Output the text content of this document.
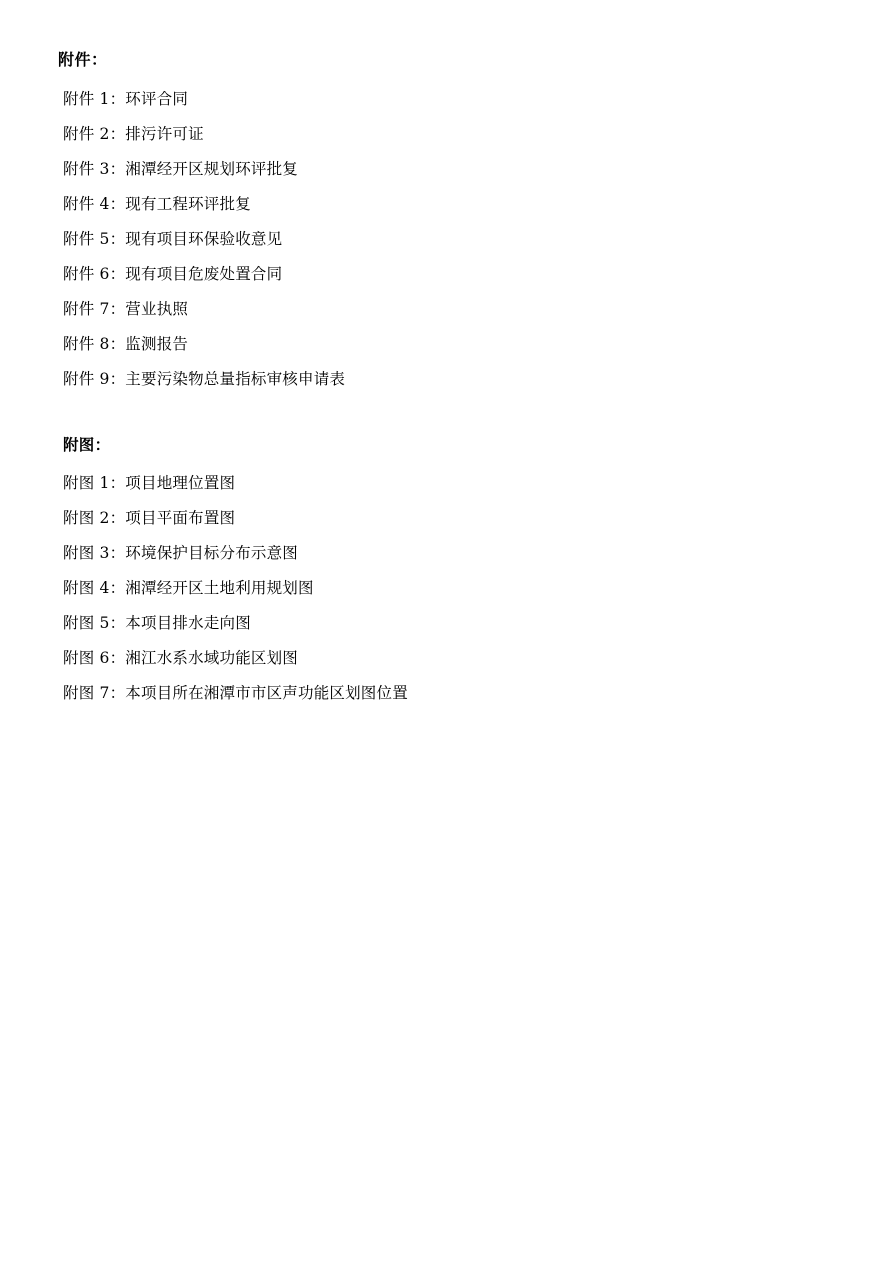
附件：
附件 1：环评合同
附件 2：排污许可证
附件 3：湘潭经开区规划环评批复
附件 4：现有工程环评批复
附件 5：现有项目环保验收意见
附件 6：现有项目危废处置合同
附件 7：营业执照
附件 8：监测报告
附件 9：主要污染物总量指标审核申请表
附图：
附图 1：项目地理位置图
附图 2：项目平面布置图
附图 3：环境保护目标分布示意图
附图 4：湘潭经开区土地利用规划图
附图 5：本项目排水走向图
附图 6：湘江水系水域功能区划图
附图 7：本项目所在湘潭市市区声功能区划图位置
